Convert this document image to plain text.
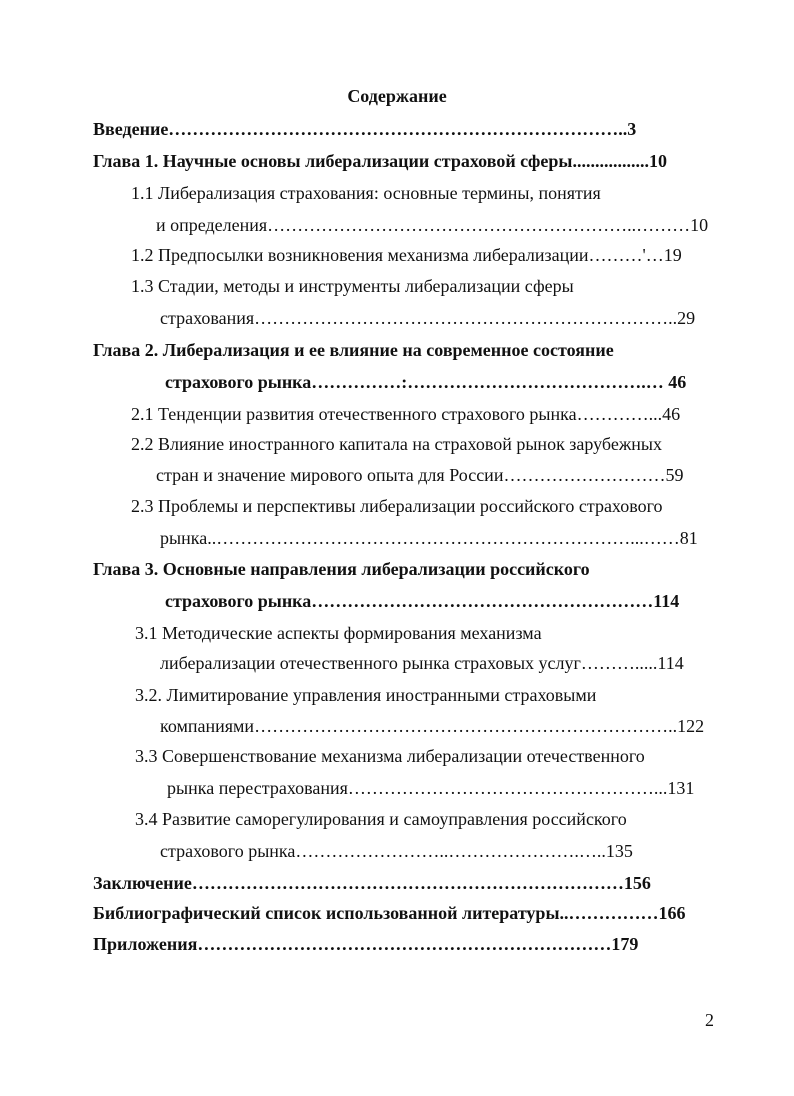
Содержание
Введение…………………………………………………………………..3
Глава 1. Научные основы либерализации страховой сферы.................10
1.1 Либерализация страхования: основные термины, понятия
и определения……………………………………………………..………10
1.2 Предпосылки возникновения механизма либерализации………'…19
1.3 Стадии, методы и инструменты либерализации сферы
страхования……………………………………………………………..29
Глава 2. Либерализация и ее влияние на современное состояние
страхового рынка……………:………………………………….… 46
2.1 Тенденции развития отечественного страхового рынка…………...46
2.2 Влияние иностранного капитала на страховой рынок зарубежных
стран и значение мирового опыта для России………………………59
2.3 Проблемы и перспективы либерализации российского страхового
рынка..……………………………………………………………...……81
Глава 3. Основные направления либерализации российского
страхового рынка…………………………………………………114
3.1 Методические аспекты формирования механизма
либерализации отечественного рынка страховых услуг……….....114
3.2. Лимитирование управления иностранными страховыми
компаниями……………………………………………………………..122
3.3 Совершенствование механизма либерализации отечественного
рынка перестрахования……………………………………………...131
3.4 Развитие саморегулирования и самоуправления российского
страхового рынка……………………..………………….…..135
Заключение………………………………………………………………156
Библиографический список использованной литературы..……………166
Приложения……………………………………………………………179
2
